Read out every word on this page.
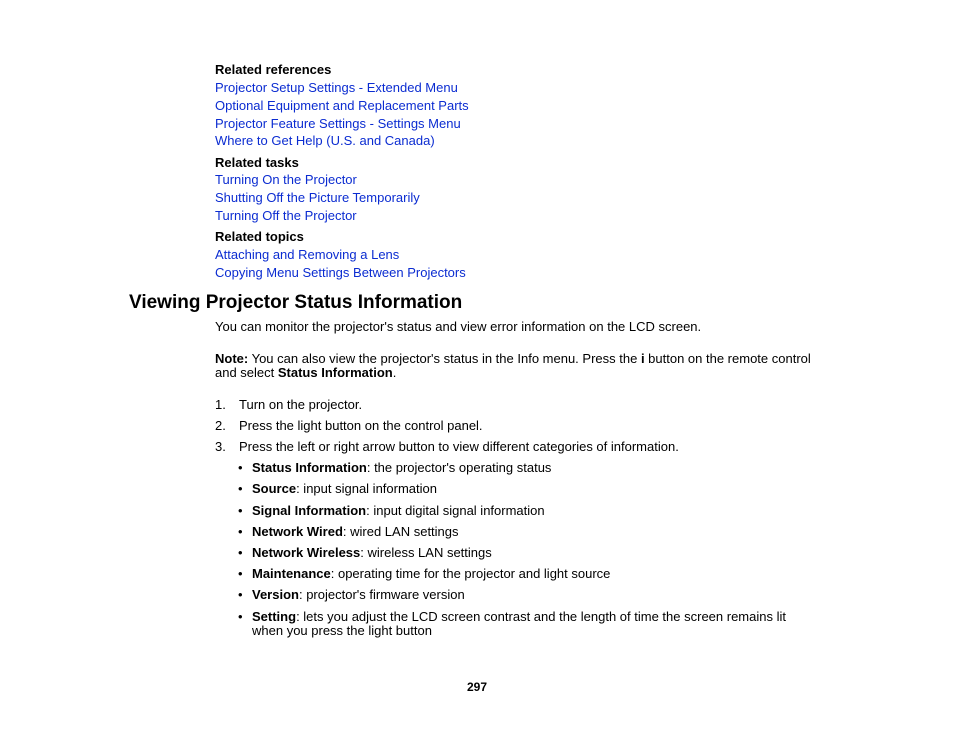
Related references
Projector Setup Settings - Extended Menu
Optional Equipment and Replacement Parts
Projector Feature Settings - Settings Menu
Where to Get Help (U.S. and Canada)
Related tasks
Turning On the Projector
Shutting Off the Picture Temporarily
Turning Off the Projector
Related topics
Attaching and Removing a Lens
Copying Menu Settings Between Projectors
Viewing Projector Status Information
You can monitor the projector's status and view error information on the LCD screen.
Note: You can also view the projector's status in the Info menu. Press the i button on the remote control
and select Status Information.
1. Turn on the projector.
2. Press the light button on the control panel.
3. Press the left or right arrow button to view different categories of information.
• Status Information: the projector's operating status
• Source: input signal information
• Signal Information: input digital signal information
• Network Wired: wired LAN settings
• Network Wireless: wireless LAN settings
• Maintenance: operating time for the projector and light source
• Version: projector's firmware version
• Setting: lets you adjust the LCD screen contrast and the length of time the screen remains lit
when you press the light button
297
